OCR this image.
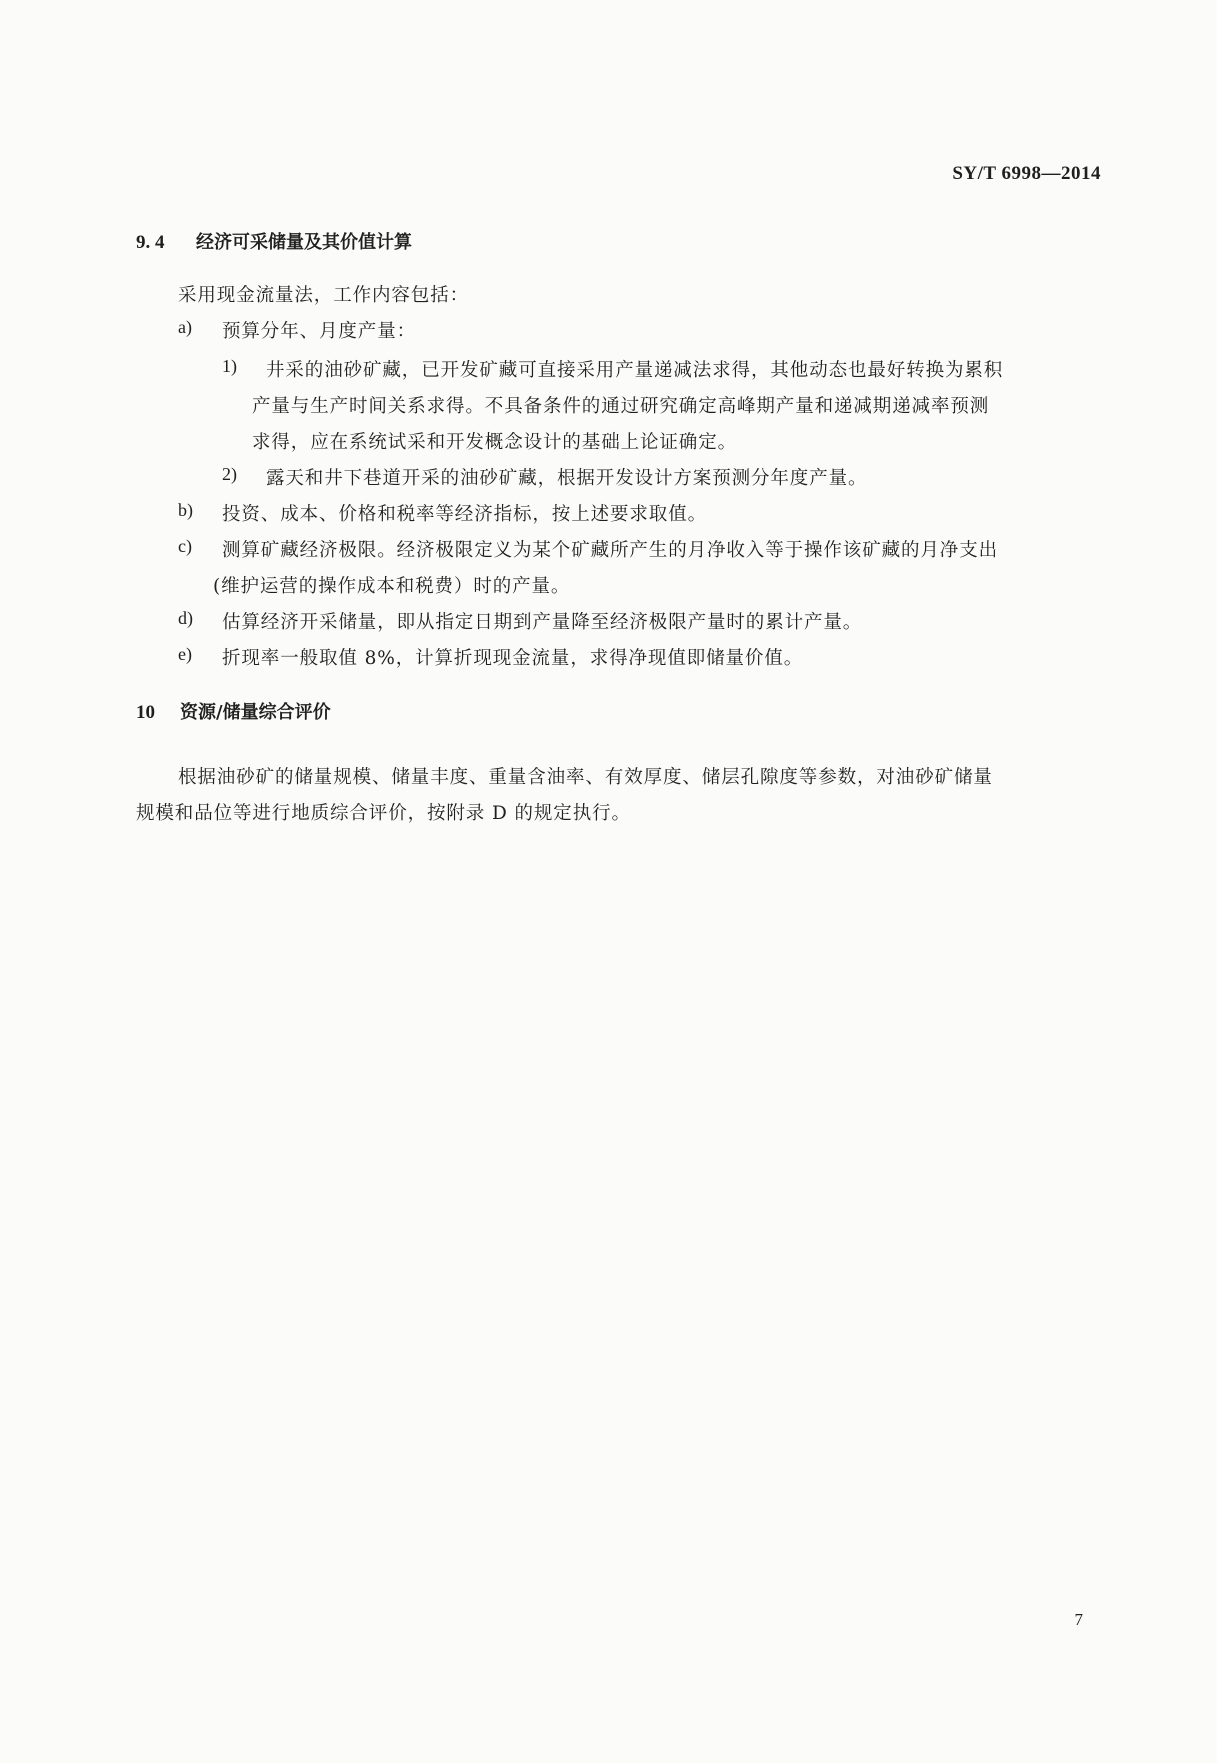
SY/T 6998—2014
9. 4 经济可采储量及其价值计算
采用现金流量法，工作内容包括：
a) 预算分年、月度产量：
1) 井采的油砂矿藏，已开发矿藏可直接采用产量递减法求得，其他动态也最好转换为累积
产量与生产时间关系求得。不具备条件的通过研究确定高峰期产量和递减期递减率预测
求得，应在系统试采和开发概念设计的基础上论证确定。
2) 露天和井下巷道开采的油砂矿藏，根据开发设计方案预测分年度产量。
b) 投资、成本、价格和税率等经济指标，按上述要求取值。
c) 测算矿藏经济极限。经济极限定义为某个矿藏所产生的月净收入等于操作该矿藏的月净支出
(维护运营的操作成本和税费）时的产量。
d) 估算经济开采储量，即从指定日期到产量降至经济极限产量时的累计产量。
e) 折现率一般取值 8%，计算折现现金流量，求得净现值即储量价值。
10 资源/储量综合评价
根据油砂矿的储量规模、储量丰度、重量含油率、有效厚度、储层孔隙度等参数，对油砂矿储量
规模和品位等进行地质综合评价，按附录 D 的规定执行。
7
